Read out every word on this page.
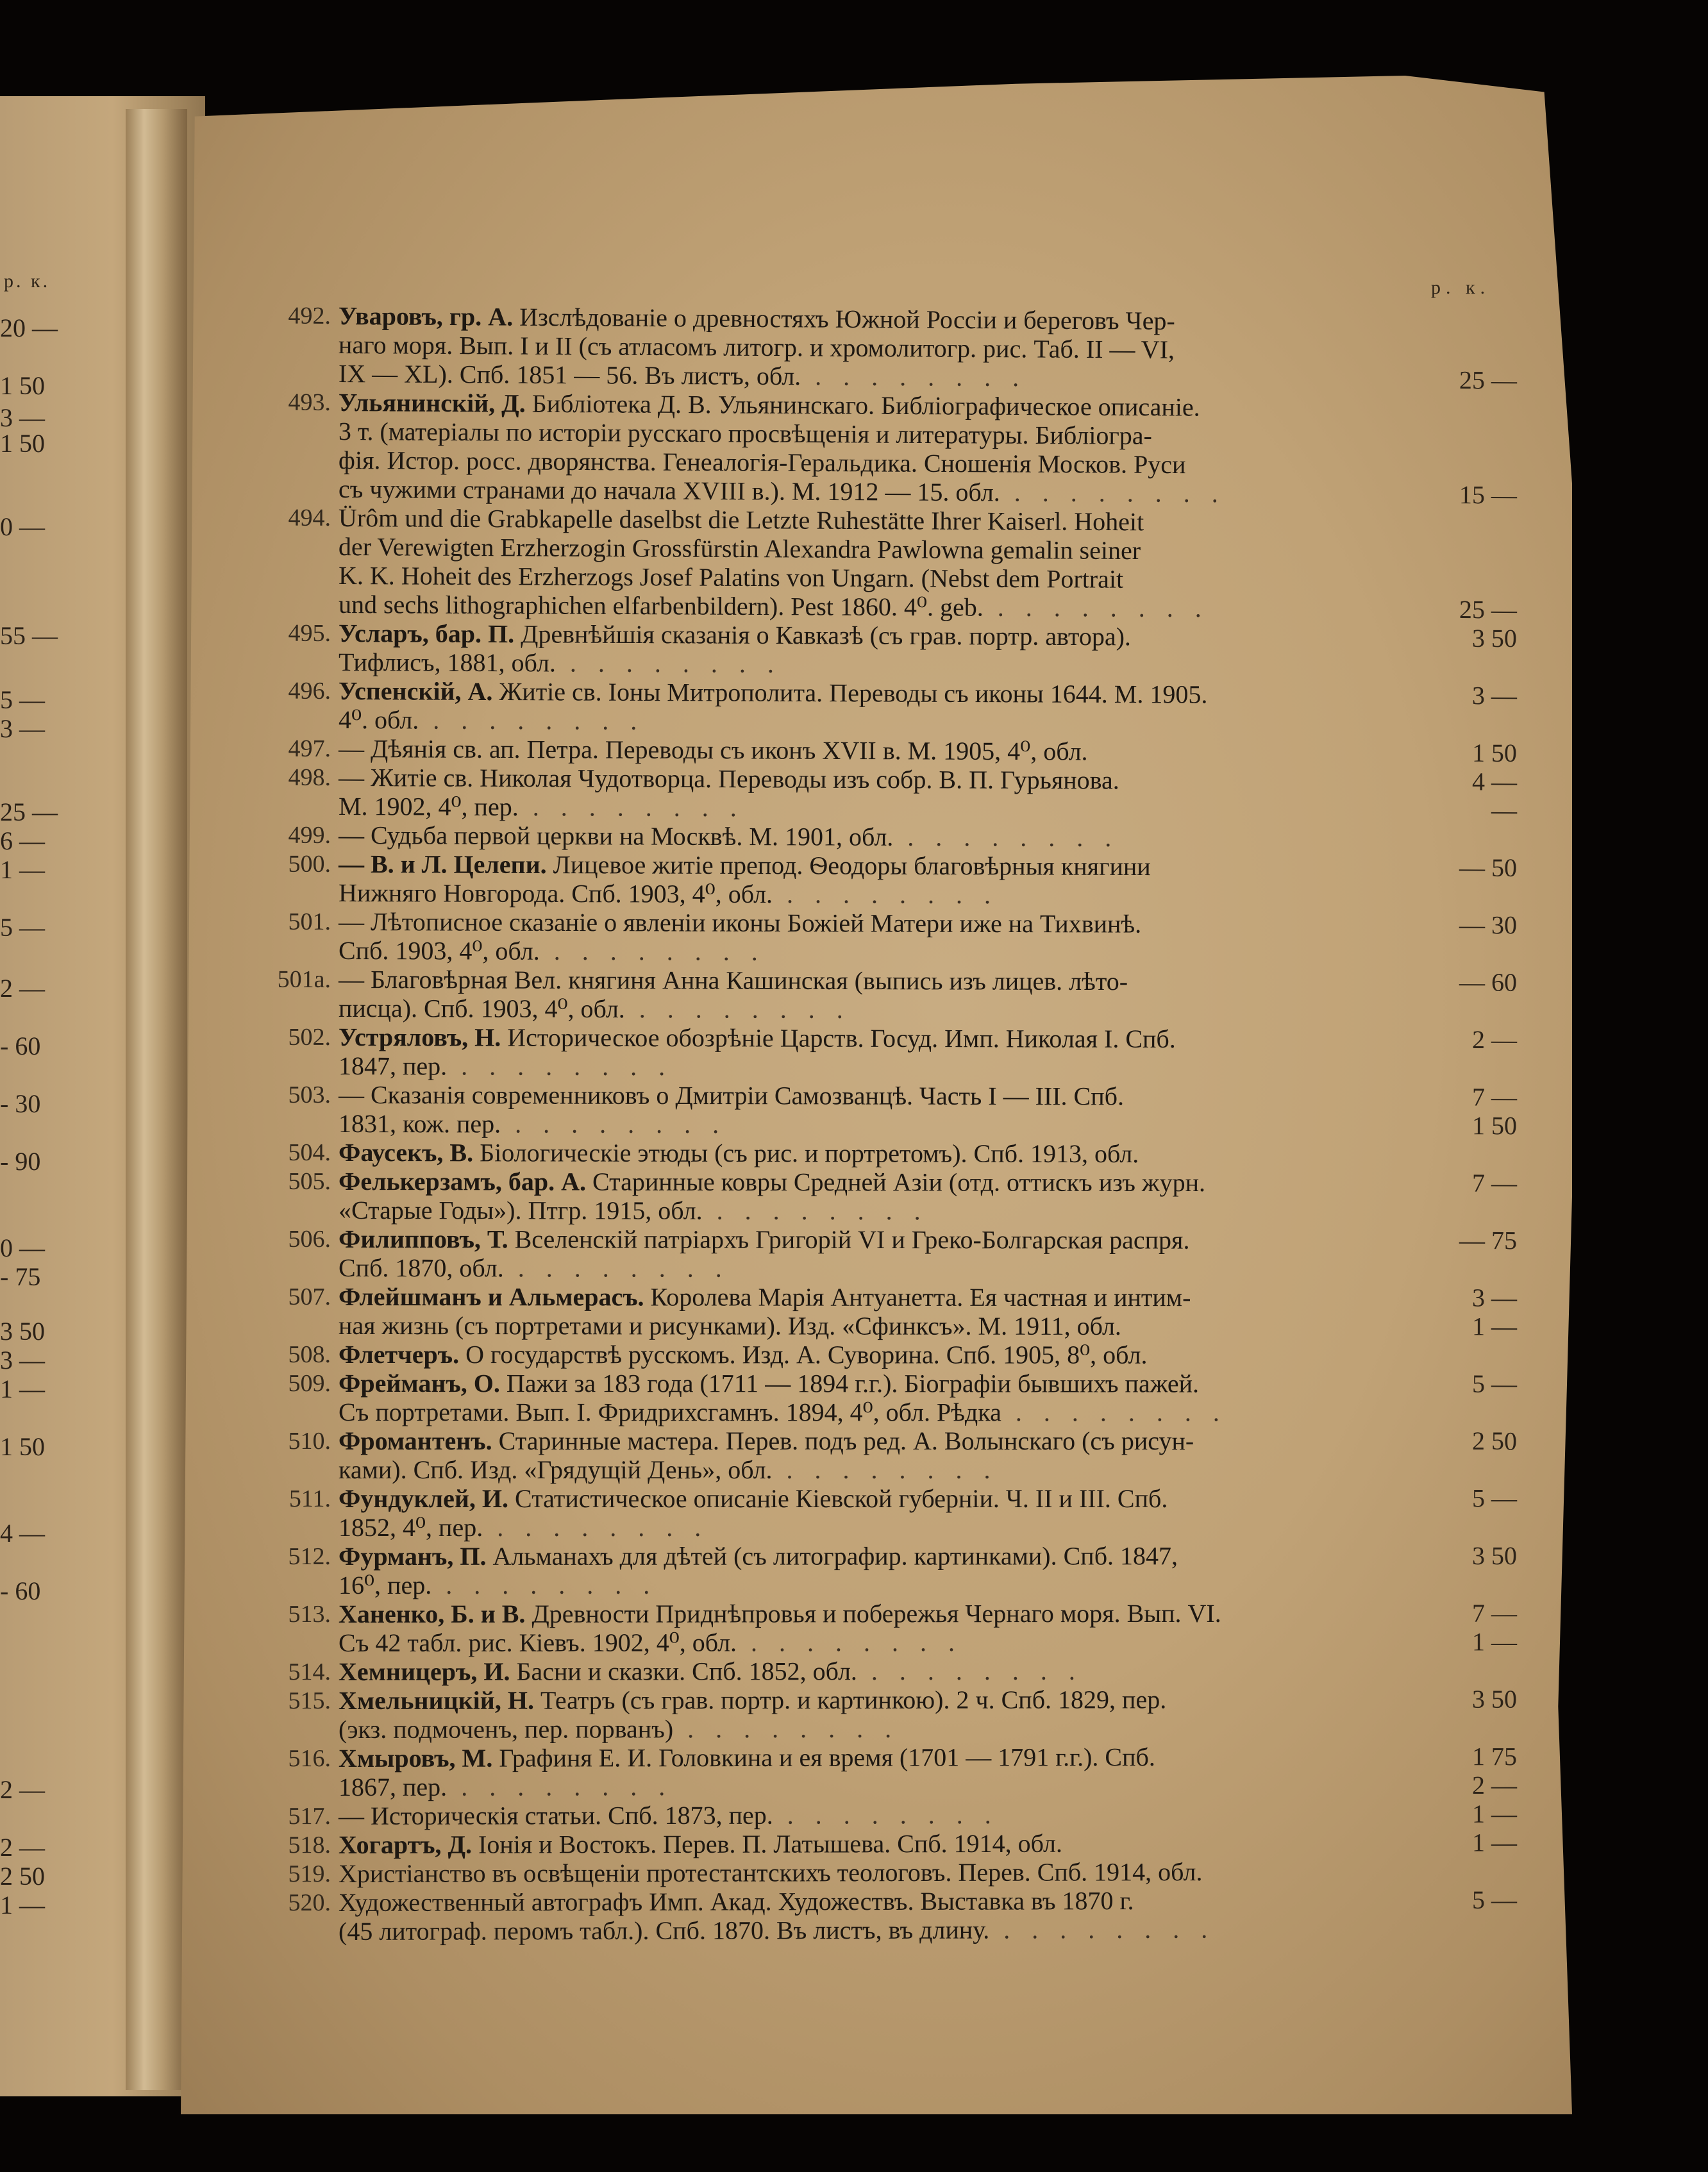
р. к.
20 —
1 50
3 —
1 50
0 —
55 —
5 —
3 —
25 —
6 —
1 —
5 —
2 —
- 60
- 30
- 90
0 —
- 75
3 50
3 —
1 —
1 50
4 —
- 60
2 —
2 —
2 50
1 —
р. к.
492. Уваровъ, гр. А. Изслѣдованіе о древностяхъ Южной Россіи и береговъ Чер-
наго моря. Вып. I и II (съ атласомъ литогр. и хромолитогр. рис. Таб. II — VI,
IX — XL). Спб. 1851 — 56. Въ листъ, обл. . . . . . . . .	25 —
493. Ульянинскій, Д. Библіотека Д. В. Ульянинскаго. Библіографическое описаніе.
3 т. (матеріалы по исторіи русскаго просвѣщенія и литературы. Библіогра-
фія. Истор. росс. дворянства. Генеалогія-Геральдика. Сношенія Москов. Руси
съ чужими странами до начала XVIII в.). М. 1912 — 15. обл. . . . . . . . .	15 —
494. Ürôm und die Grabkapelle daselbst die Letzte Ruhestätte Ihrer Kaiserl. Hoheit
der Verewigten Erzherzogin Grossfürstin Alexandra Pawlowna gemalin seiner
K. K. Hoheit des Erzherzogs Josef Palatins von Ungarn. (Nebst dem Portrait
und sechs lithographichen elfarbenbildern). Pest 1860. 4⁰. geb. . . . . . . . .	25 —
495. Усларъ, бар. П. Древнѣйшія сказанія о Кавказѣ (съ грав. портр. автора).	3 50
Тифлисъ, 1881, обл. . . . . . . . .
496. Успенскій, А. Житіе св. Іоны Митрополита. Переводы съ иконы 1644. М. 1905.	3 —
4⁰. обл. . . . . . . . .
497. — Дѣянія св. ап. Петра. Переводы съ иконъ XVII в. М. 1905, 4⁰, обл.	1 50
498. — Житіе св. Николая Чудотворца. Переводы изъ собр. В. П. Гурьянова.	4 —
М. 1902, 4⁰, пер. . . . . . . . .	—
499. — Судьба первой церкви на Москвѣ. М. 1901, обл. . . . . . . . .
500. — В. и Л. Целепи. Лицевое житіе препод. Ѳеодоры благовѣрныя княгини	— 50
Нижняго Новгорода. Спб. 1903, 4⁰, обл. . . . . . . . .
501. — Лѣтописное сказаніе о явленіи иконы Божіей Матери иже на Тихвинѣ.	— 30
Спб. 1903, 4⁰, обл. . . . . . . . .
501а. — Благовѣрная Вел. княгиня Анна Кашинская (выпись изъ лицев. лѣто-	— 60
писца). Спб. 1903, 4⁰, обл. . . . . . . . .
502. Устряловъ, Н. Историческое обозрѣніе Царств. Госуд. Имп. Николая I. Спб.	2 —
1847, пер. . . . . . . . .
503. — Сказанія современниковъ о Дмитріи Самозванцѣ. Часть I — III. Спб.	7 —
1831, кож. пер. . . . . . . . .	1 50
504. Фаусекъ, В. Біологическіе этюды (съ рис. и портретомъ). Спб. 1913, обл.
505. Фелькерзамъ, бар. А. Старинные ковры Средней Азіи (отд. оттискъ изъ журн.	7 —
«Старые Годы»). Птгр. 1915, обл. . . . . . . . .
506. Филипповъ, Т. Вселенскій патріархъ Григорій VI и Греко-Болгарская распря.	— 75
Спб. 1870, обл. . . . . . . . .
507. Флейшманъ и Альмерасъ. Королева Марія Антуанетта. Ея частная и интим-	3 —
ная жизнь (съ портретами и рисунками). Изд. «Сфинксъ». М. 1911, обл.	1 —
508. Флетчеръ. О государствѣ русскомъ. Изд. А. Суворина. Спб. 1905, 8⁰, обл.
509. Фрейманъ, О. Пажи за 183 года (1711 — 1894 г.г.). Біографіи бывшихъ пажей.	5 —
Съ портретами. Вып. I. Фридрихсгамнъ. 1894, 4⁰, обл. Рѣдка . . . . . . . .
510. Фромантенъ. Старинные мастера. Перев. подъ ред. А. Волынскаго (съ рисун-	2 50
ками). Спб. Изд. «Грядущій День», обл. . . . . . . . .
511. Фундуклей, И. Статистическое описаніе Кіевской губерніи. Ч. II и III. Спб.	5 —
1852, 4⁰, пер. . . . . . . . .
512. Фурманъ, П. Альманахъ для дѣтей (съ литографир. картинками). Спб. 1847,	3 50
16⁰, пер. . . . . . . . .
513. Ханенко, Б. и В. Древности Приднѣпровья и побережья Чернаго моря. Вып. VI.	7 —
Съ 42 табл. рис. Кіевъ. 1902, 4⁰, обл. . . . . . . . .	1 —
514. Хемницеръ, И. Басни и сказки. Спб. 1852, обл. . . . . . . . .
515. Хмельницкій, Н. Театръ (съ грав. портр. и картинкою). 2 ч. Спб. 1829, пер.	3 50
(экз. подмоченъ, пер. порванъ) . . . . . . . .
516. Хмыровъ, М. Графиня Е. И. Головкина и ея время (1701 — 1791 г.г.). Спб.	1 75
1867, пер. . . . . . . . .	2 —
517. — Историческія статьи. Спб. 1873, пер. . . . . . . . .	1 —
518. Хогартъ, Д. Іонія и Востокъ. Перев. П. Латышева. Спб. 1914, обл.	1 —
519. Христіанство въ освѣщеніи протестантскихъ теологовъ. Перев. Спб. 1914, обл.
520. Художественный автографъ Имп. Акад. Художествъ. Выставка въ 1870 г.	5 —
(45 литограф. перомъ табл.). Спб. 1870. Въ листъ, въ длину. . . . . . . . .
